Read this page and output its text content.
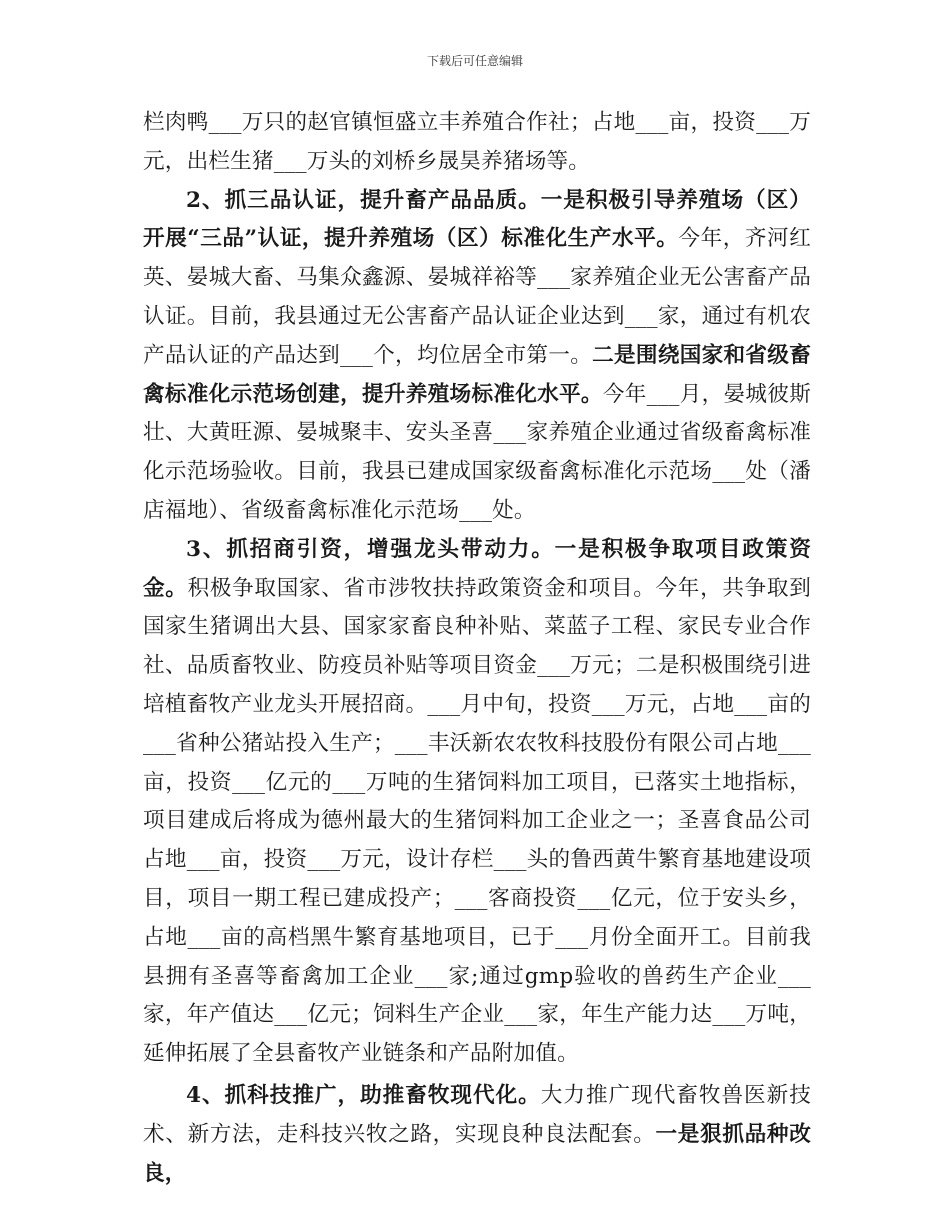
下载后可任意编辑

栏肉鸭___万只的赵官镇恒盛立丰养殖合作社；占地___亩，投资___万元，出栏生猪___万头的刘桥乡晟昊养猪场等。

2、抓三品认证，提升畜产品品质。一是积极引导养殖场（区）开展“三品”认证，提升养殖场（区）标准化生产水平。今年，齐河红英、晏城大畜、马集众鑫源、晏城祥裕等___家养殖企业无公害畜产品认证。目前，我县通过无公害畜产品认证企业达到___家，通过有机农产品认证的产品达到___个，均位居全市第一。二是围绕国家和省级畜禽标准化示范场创建，提升养殖场标准化水平。今年___月，晏城彼斯壮、大黄旺源、晏城聚丰、安头圣喜___家养殖企业通过省级畜禽标准化示范场验收。目前，我县已建成国家级畜禽标准化示范场___处（潘店福地）、省级畜禽标准化示范场___处。

3、抓招商引资，增强龙头带动力。一是积极争取项目政策资金。积极争取国家、省市涉牧扶持政策资金和项目。今年，共争取到国家生猪调出大县、国家家畜良种补贴、菜蓝子工程、家民专业合作社、品质畜牧业、防疫员补贴等项目资金___万元；二是积极围绕引进培植畜牧产业龙头开展招商。___月中旬，投资___万元，占地___亩的___省种公猪站投入生产；___丰沃新农农牧科技股份有限公司占地___亩，投资___亿元的___万吨的生猪饲料加工项目，已落实土地指标，项目建成后将成为德州最大的生猪饲料加工企业之一；圣喜食品公司占地___亩，投资___万元，设计存栏___头的鲁西黄牛繁育基地建设项目，项目一期工程已建成投产；___客商投资___亿元，位于安头乡，占地___亩的高档黑牛繁育基地项目，已于___月份全面开工。目前我县拥有圣喜等畜禽加工企业___家;通过gmp验收的兽药生产企业___家，年产值达___亿元；饲料生产企业___家，年生产能力达___万吨，延伸拓展了全县畜牧产业链条和产品附加值。

4、抓科技推广，助推畜牧现代化。大力推广现代畜牧兽医新技术、新方法，走科技兴牧之路，实现良种良法配套。一是狠抓品种改良，
